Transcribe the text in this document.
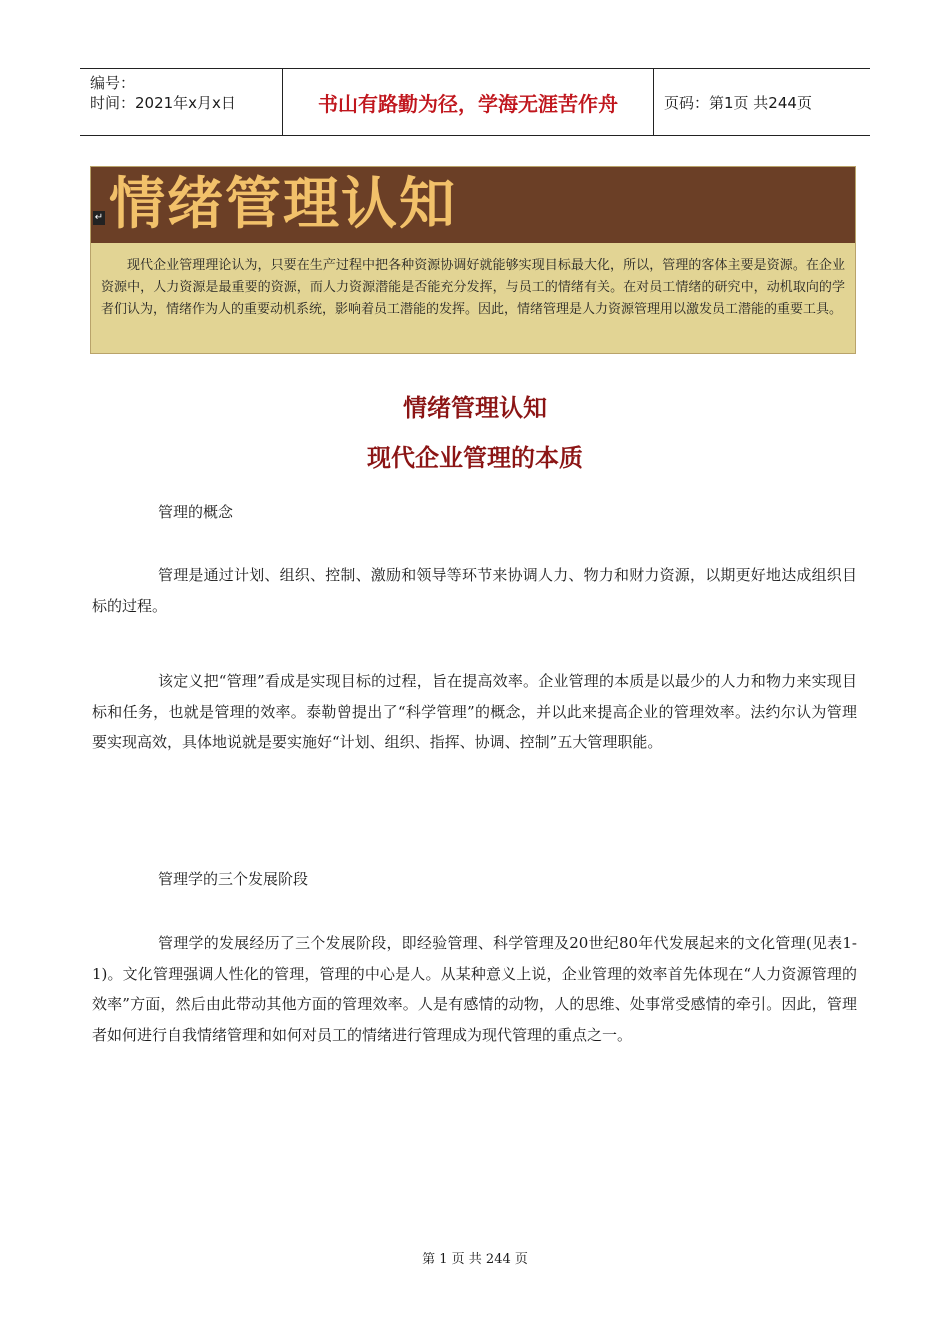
编号：
时间：2021年x月x日	书山有路勤为径，学海无涯苦作舟	页码：第1页 共244页
↵ 情绪管理认知
现代企业管理理论认为，只要在生产过程中把各种资源协调好就能够实现目标最大化，所以，管理的客体主要是资源。在企业资源中，人力资源是最重要的资源，而人力资源潜能是否能充分发挥，与员工的情绪有关。在对员工情绪的研究中，动机取向的学者们认为，情绪作为人的重要动机系统，影响着员工潜能的发挥。因此，情绪管理是人力资源管理用以激发员工潜能的重要工具。
情绪管理认知
现代企业管理的本质
管理的概念
管理是通过计划、组织、控制、激励和领导等环节来协调人力、物力和财力资源，以期更好地达成组织目标的过程。
该定义把“管理”看成是实现目标的过程，旨在提高效率。企业管理的本质是以最少的人力和物力来实现目标和任务，也就是管理的效率。泰勒曾提出了“科学管理”的概念，并以此来提高企业的管理效率。法约尔认为管理要实现高效，具体地说就是要实施好“计划、组织、指挥、协调、控制”五大管理职能。
管理学的三个发展阶段
管理学的发展经历了三个发展阶段，即经验管理、科学管理及20世纪80年代发展起来的文化管理(见表1-1)。文化管理强调人性化的管理，管理的中心是人。从某种意义上说，企业管理的效率首先体现在“人力资源管理的效率”方面，然后由此带动其他方面的管理效率。人是有感情的动物，人的思维、处事常受感情的牵引。因此，管理者如何进行自我情绪管理和如何对员工的情绪进行管理成为现代管理的重点之一。
第 1 页 共 244 页
